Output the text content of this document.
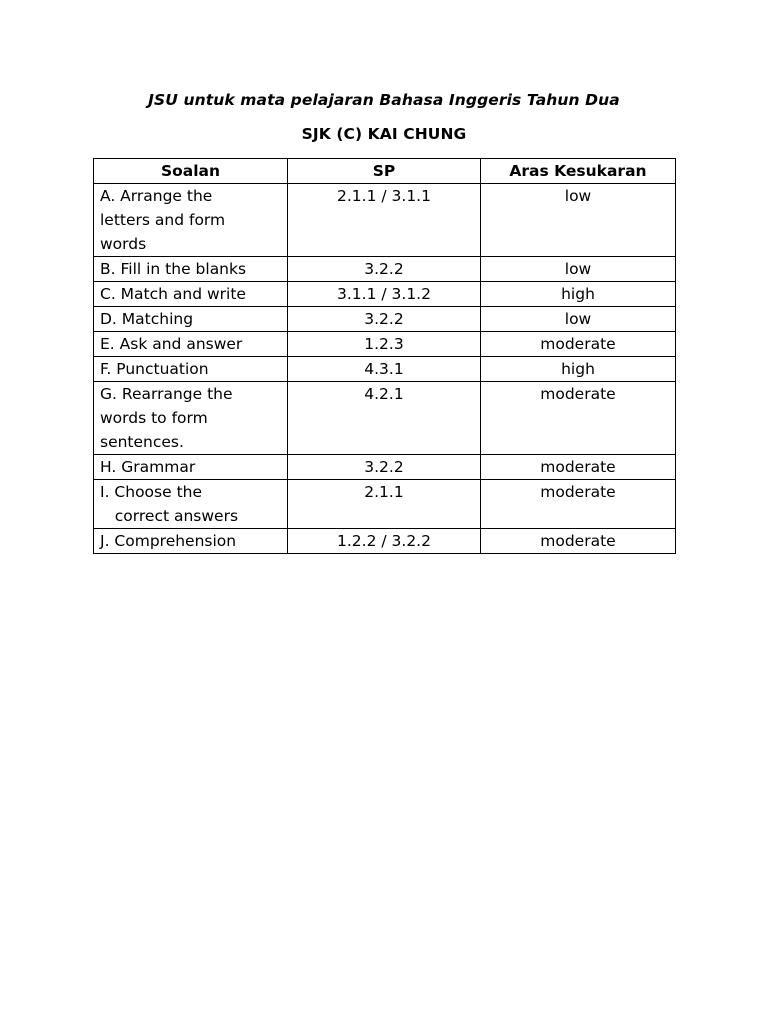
JSU untuk mata pelajaran Bahasa Inggeris Tahun Dua
SJK (C) KAI CHUNG
Soalan	SP	Aras Kesukaran
A. Arrange the
letters and form
words	2.1.1 / 3.1.1	low
B. Fill in the blanks	3.2.2	low
C. Match and write	3.1.1 / 3.1.2	high
D. Matching	3.2.2	low
E. Ask and answer	1.2.3	moderate
F. Punctuation	4.3.1	high
G. Rearrange the
words to form
sentences.	4.2.1	moderate
H. Grammar	3.2.2	moderate
I. Choose the
correct answers	2.1.1	moderate
J. Comprehension	1.2.2 / 3.2.2	moderate
